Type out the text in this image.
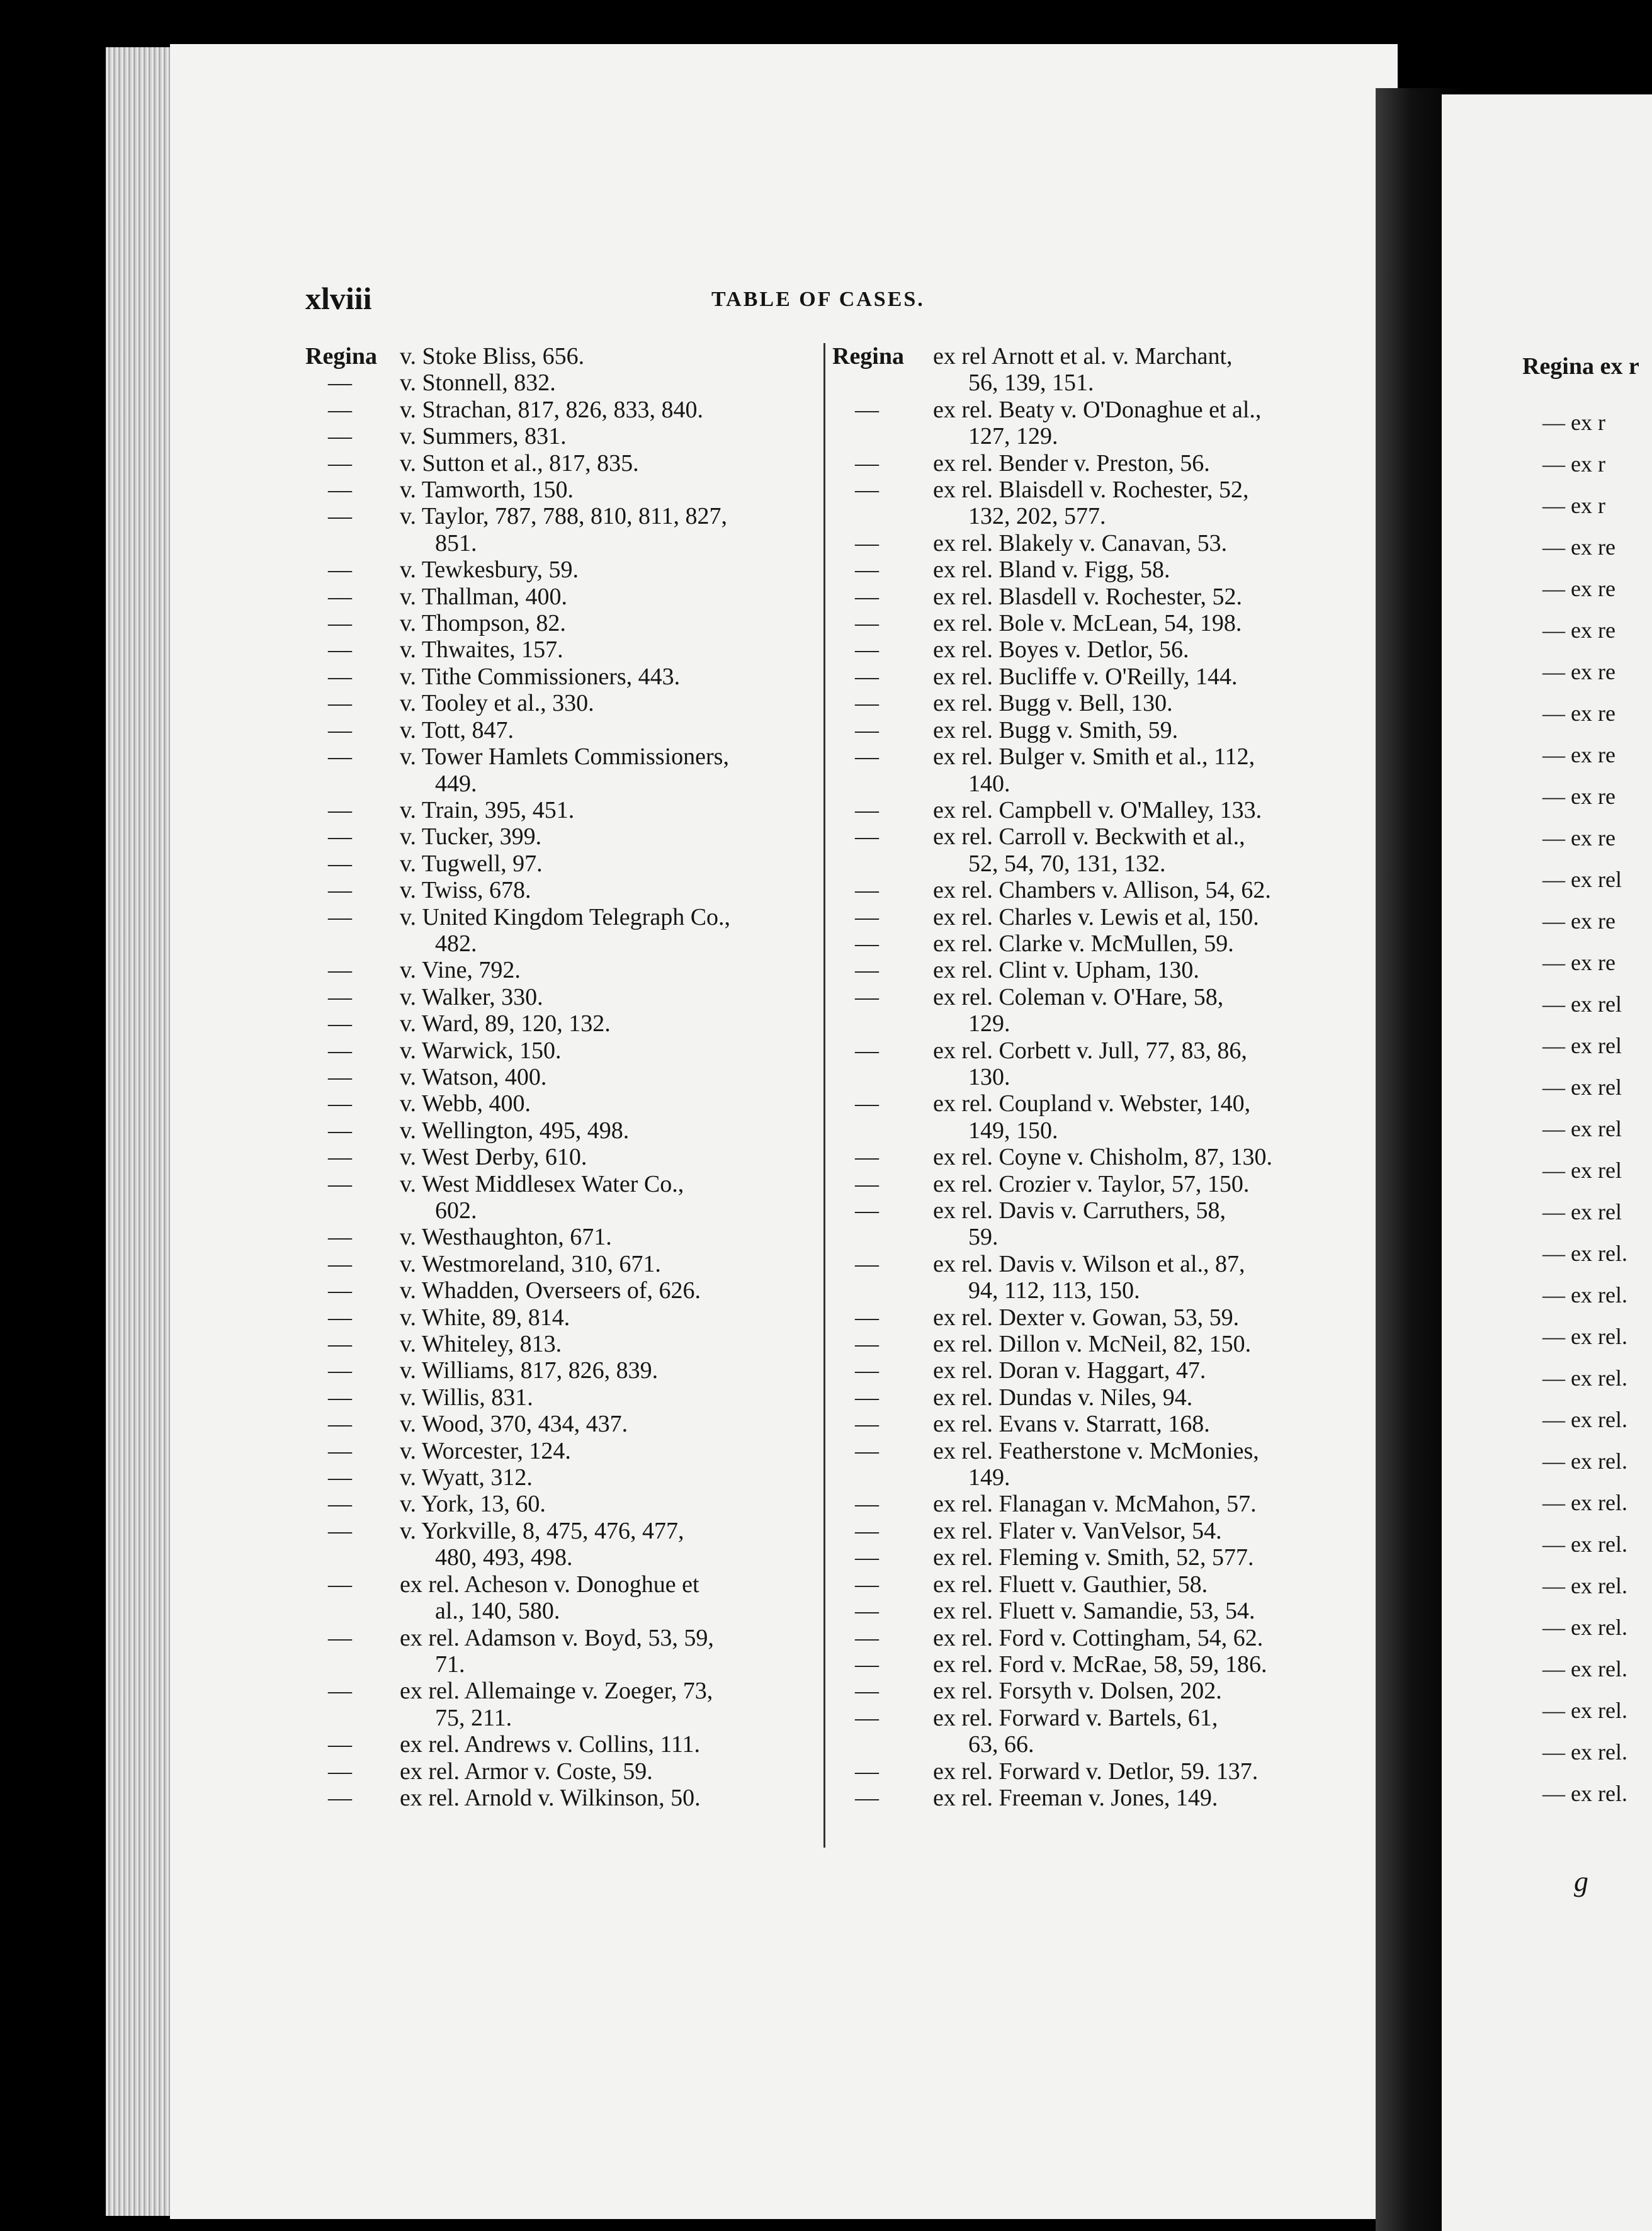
xlviii	TABLE OF CASES.
Regina v. Stoke Bliss, 656.
—	v. Stonnell, 832.
—	v. Strachan, 817, 826, 833, 840.
—	v. Summers, 831.
—	v. Sutton et al., 817, 835.
—	v. Tamworth, 150.
—	v. Taylor, 787, 788, 810, 811, 827,
851.
—	v. Tewkesbury, 59.
—	v. Thallman, 400.
—	v. Thompson, 82.
—	v. Thwaites, 157.
—	v. Tithe Commissioners, 443.
—	v. Tooley et al., 330.
—	v. Tott, 847.
—	v. Tower Hamlets Commissioners,
449.
—	v. Train, 395, 451.
—	v. Tucker, 399.
—	v. Tugwell, 97.
—	v. Twiss, 678.
—	v. United Kingdom Telegraph Co.,
482.
—	v. Vine, 792.
—	v. Walker, 330.
—	v. Ward, 89, 120, 132.
—	v. Warwick, 150.
—	v. Watson, 400.
—	v. Webb, 400.
—	v. Wellington, 495, 498.
—	v. West Derby, 610.
—	v. West Middlesex Water Co.,
602.
—	v. Westhaughton, 671.
—	v. Westmoreland, 310, 671.
—	v. Whadden, Overseers of, 626.
—	v. White, 89, 814.
—	v. Whiteley, 813.
—	v. Williams, 817, 826, 839.
—	v. Willis, 831.
—	v. Wood, 370, 434, 437.
—	v. Worcester, 124.
—	v. Wyatt, 312.
—	v. York, 13, 60.
—	v. Yorkville, 8, 475, 476, 477,
480, 493, 498.
—	ex rel. Acheson v. Donoghue et
al., 140, 580.
—	ex rel. Adamson v. Boyd, 53, 59,
71.
—	ex rel. Allemainge v. Zoeger, 73,
75, 211.
—	ex rel. Andrews v. Collins, 111.
—	ex rel. Armor v. Coste, 59.
—	ex rel. Arnold v. Wilkinson, 50.
Regina	ex rel Arnott et al. v. Marchant,
56, 139, 151.
—	ex rel. Beaty v. O'Donaghue et al.,
127, 129.
—	ex rel. Bender v. Preston, 56.
—	ex rel. Blaisdell v. Rochester, 52,
132, 202, 577.
—	ex rel. Blakely v. Canavan, 53.
—	ex rel. Bland v. Figg, 58.
—	ex rel. Blasdell v. Rochester, 52.
—	ex rel. Bole v. McLean, 54, 198.
—	ex rel. Boyes v. Detlor, 56.
—	ex rel. Bucliffe v. O'Reilly, 144.
—	ex rel. Bugg v. Bell, 130.
—	ex rel. Bugg v. Smith, 59.
—	ex rel. Bulger v. Smith et al., 112,
140.
—	ex rel. Campbell v. O'Malley, 133.
—	ex rel. Carroll v. Beckwith et al.,
52, 54, 70, 131, 132.
—	ex rel. Chambers v. Allison, 54, 62.
—	ex rel. Charles v. Lewis et al, 150.
—	ex rel. Clarke v. McMullen, 59.
—	ex rel. Clint v. Upham, 130.
—	ex rel. Coleman v. O'Hare, 58,
129.
—	ex rel. Corbett v. Jull, 77, 83, 86,
130.
—	ex rel. Coupland v. Webster, 140,
149, 150.
—	ex rel. Coyne v. Chisholm, 87, 130.
—	ex rel. Crozier v. Taylor, 57, 150.
—	ex rel. Davis v. Carruthers, 58,
59.
—	ex rel. Davis v. Wilson et al., 87,
94, 112, 113, 150.
—	ex rel. Dexter v. Gowan, 53, 59.
—	ex rel. Dillon v. McNeil, 82, 150.
—	ex rel. Doran v. Haggart, 47.
—	ex rel. Dundas v. Niles, 94.
—	ex rel. Evans v. Starratt, 168.
—	ex rel. Featherstone v. McMonies,
149.
—	ex rel. Flanagan v. McMahon, 57.
—	ex rel. Flater v. VanVelsor, 54.
—	ex rel. Fleming v. Smith, 52, 577.
—	ex rel. Fluett v. Gauthier, 58.
—	ex rel. Fluett v. Samandie, 53, 54.
—	ex rel. Ford v. Cottingham, 54, 62.
—	ex rel. Ford v. McRae, 58, 59, 186.
—	ex rel. Forsyth v. Dolsen, 202.
—	ex rel. Forward v. Bartels, 61,
63, 66.
—	ex rel. Forward v. Detlor, 59. 137.
—	ex rel. Freeman v. Jones, 149.
Regina ex r
— ex r
— ex r
— ex r
— ex re
— ex re
— ex re
— ex re
— ex re
— ex re
— ex re
— ex re
— ex rel
— ex re
— ex re
— ex rel
— ex rel
— ex rel
— ex rel
— ex rel
— ex rel
— ex rel.
— ex rel.
— ex rel.
— ex rel.
— ex rel.
— ex rel.
— ex rel.
— ex rel.
— ex rel.
— ex rel.
— ex rel.
— ex rel.
— ex rel.
— ex rel.
g
